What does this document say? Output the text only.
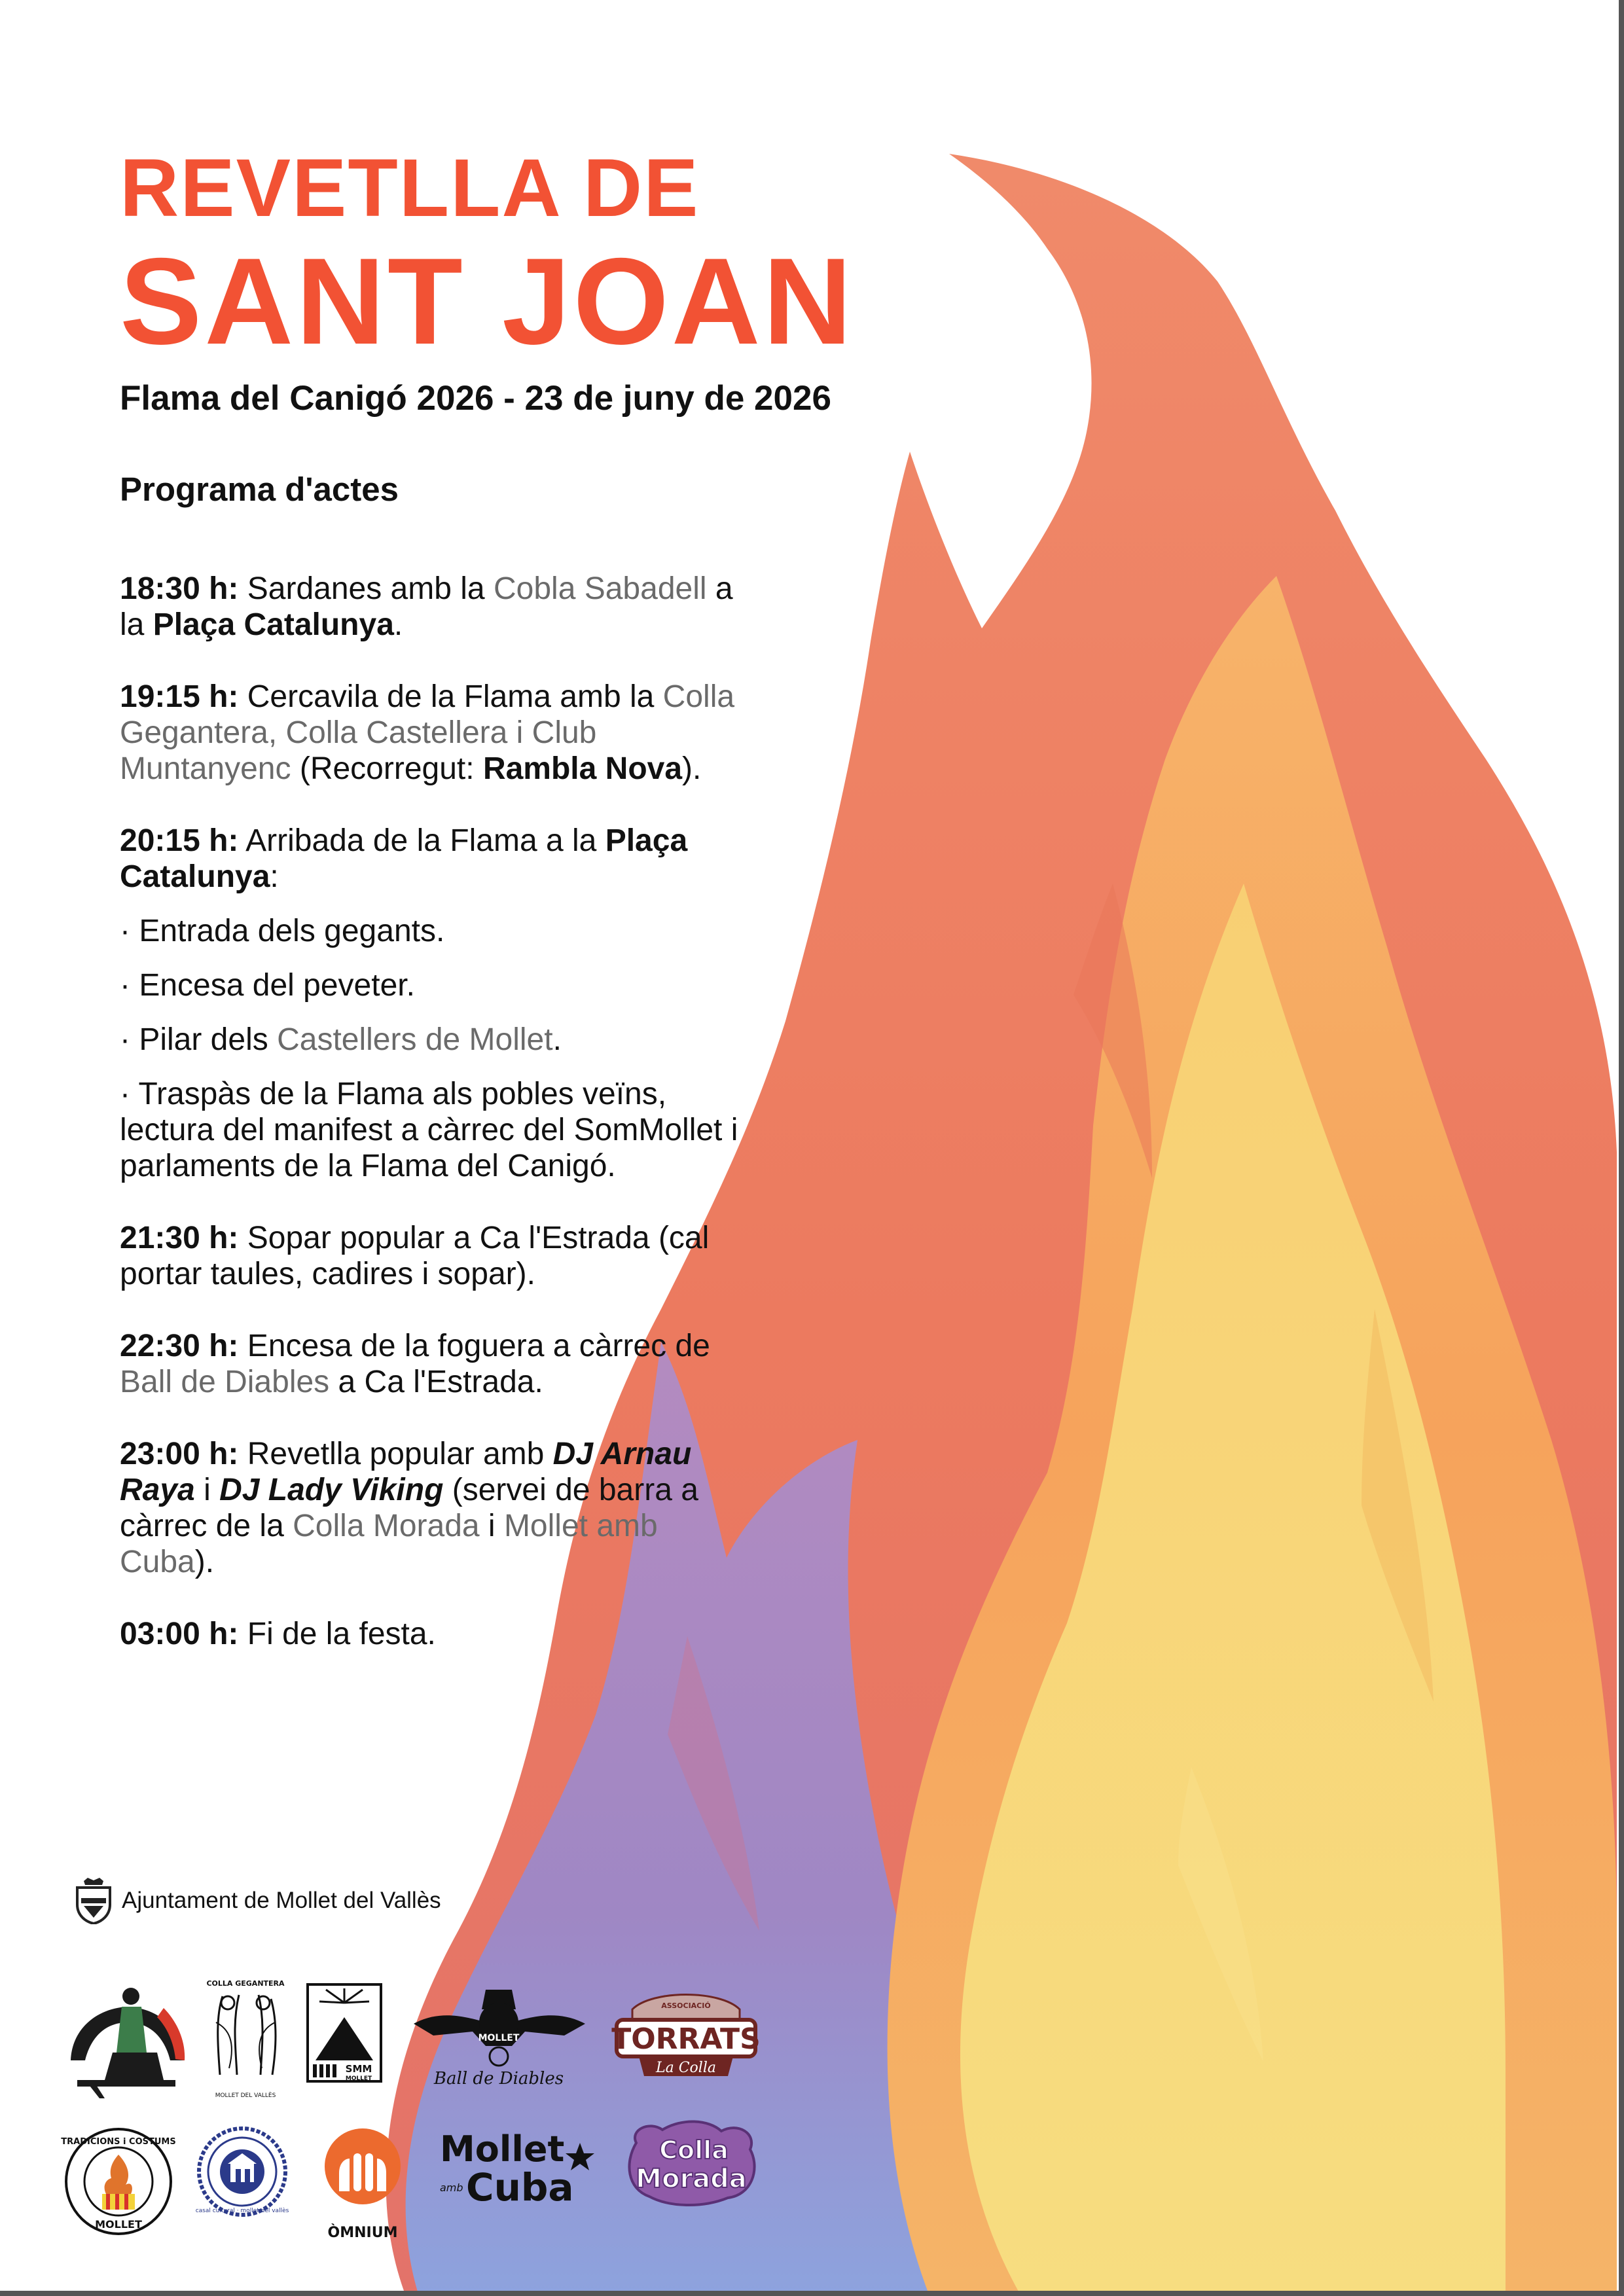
REVETLLA DE
SANT JOAN
Flama del Canigó 2026 - 23 de juny de 2026
Programa d'actes

18:30 h: Sardanes amb la Cobla Sabadell a la Plaça Catalunya.

19:15 h: Cercavila de la Flama amb la Colla Gegantera, Colla Castellera i Club Muntanyenc (Recorregut: Rambla Nova).

20:15 h: Arribada de la Flama a la Plaça Catalunya:

· Entrada dels gegants.

· Encesa del peveter.

· Pilar dels Castellers de Mollet.

· Traspàs de la Flama als pobles veïns, lectura del manifest a càrrec del SomMollet i parlaments de la Flama del Canigó.

21:30 h: Sopar popular a Ca l'Estrada (cal portar taules, cadires i sopar).

22:30 h: Encesa de la foguera a càrrec de Ball de Diables a Ca l'Estrada.

23:00 h: Revetlla popular amb DJ Arnau Raya i DJ Lady Viking (servei de barra a càrrec de la Colla Morada i Mollet amb Cuba).

03:00 h: Fi de la festa.

Ajuntament de Mollet del Vallès
COLLA GEGANTERA
MOLLET DEL VALLÈS
SMM
MOLLET
MOLLET
Ball de Diables
ASSOCIACIÓ
TORRATS
La Colla
TRADICIONS i COSTUMS
MOLLET
casal cultural · mollet del vallès
ÒMNIUM
Mollet
amb Cuba
Colla
Morada
